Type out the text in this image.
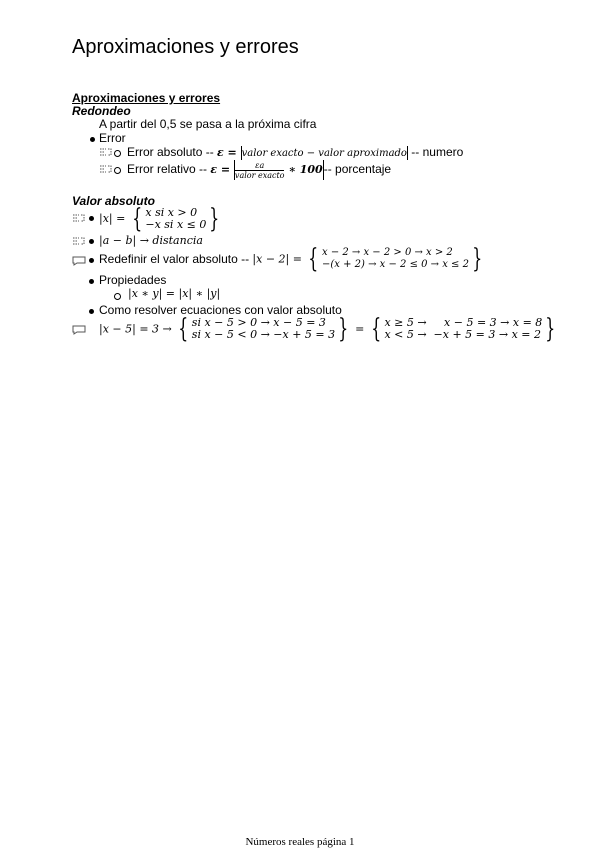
Aproximaciones y errores
Aproximaciones y errores
Redondeo
A partir del 0,5 se pasa a la próxima cifra
Error
Error absoluto -- ε = valor exacto − valor aproximado -- numero
Error relativo -- $\varepsilon = \frac{\varepsilon a}{\text{valor exacto}}$ ∗ 100-- porcentaje
Valor absoluto
|x| = { x si x > 0
−x si x ≤ 0 }
|a − b| → distancia
Redefinir el valor absoluto -- |x − 2| = { x − 2 → x − 2 > 0 → x > 2
−(x + 2) → x − 2 ≤ 0 → x ≤ 2 }
Propiedades
|x ∗ y| = |x| ∗ |y|
Como resolver ecuaciones con valor absoluto
|x − 5| = 3 → { si x − 5 > 0 → x − 5 = 3
si x − 5 < 0 → −x + 5 = 3 } = { x ≥ 5 →     x − 5 = 3 → x = 8
x < 5 →  −x + 5 = 3 → x = 2 }
Números reales página 1
